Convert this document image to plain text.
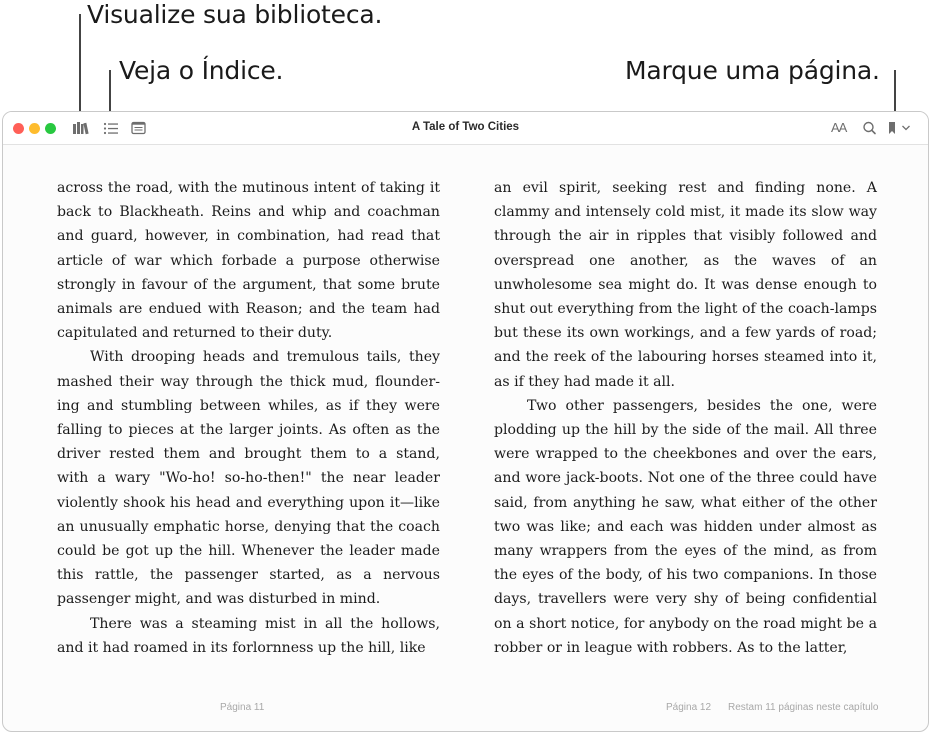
Visualize sua biblioteca.
Veja o Índice.	Marque uma página.
A Tale of Two Cities	AA

across the road, with the mutinous intent of taking it back to Blackheath. Reins and whip and coachman and guard, however, in combination, had read that article of war which forbade a purpose otherwise strongly in favour of the argument, that some brute animals are endued with Reason; and the team had capitulated and returned to their duty.

With drooping heads and tremulous tails, they mashed their way through the thick mud, flounder-ing and stumbling between whiles, as if they were falling to pieces at the larger joints. As often as the driver rested them and brought them to a stand, with a wary "Wo-ho! so-ho-then!" the near leader violently shook his head and everything upon it—like an unusually emphatic horse, denying that the coach could be got up the hill. Whenever the leader made this rattle, the passenger started, as a nervous passenger might, and was disturbed in mind.

There was a steaming mist in all the hollows, and it had roamed in its forlornness up the hill, like

Página 11

an evil spirit, seeking rest and finding none. A clammy and intensely cold mist, it made its slow way through the air in ripples that visibly followed and overspread one another, as the waves of an unwholesome sea might do. It was dense enough to shut out everything from the light of the coach-lamps but these its own workings, and a few yards of road; and the reek of the labouring horses steamed into it, as if they had made it all.

Two other passengers, besides the one, were plodding up the hill by the side of the mail. All three were wrapped to the cheekbones and over the ears, and wore jack-boots. Not one of the three could have said, from anything he saw, what either of the other two was like; and each was hidden under almost as many wrappers from the eyes of the mind, as from the eyes of the body, of his two companions. In those days, travellers were very shy of being confidential on a short notice, for anybody on the road might be a robber or in league with robbers. As to the latter,

Página 12 Restam 11 páginas neste capítulo
